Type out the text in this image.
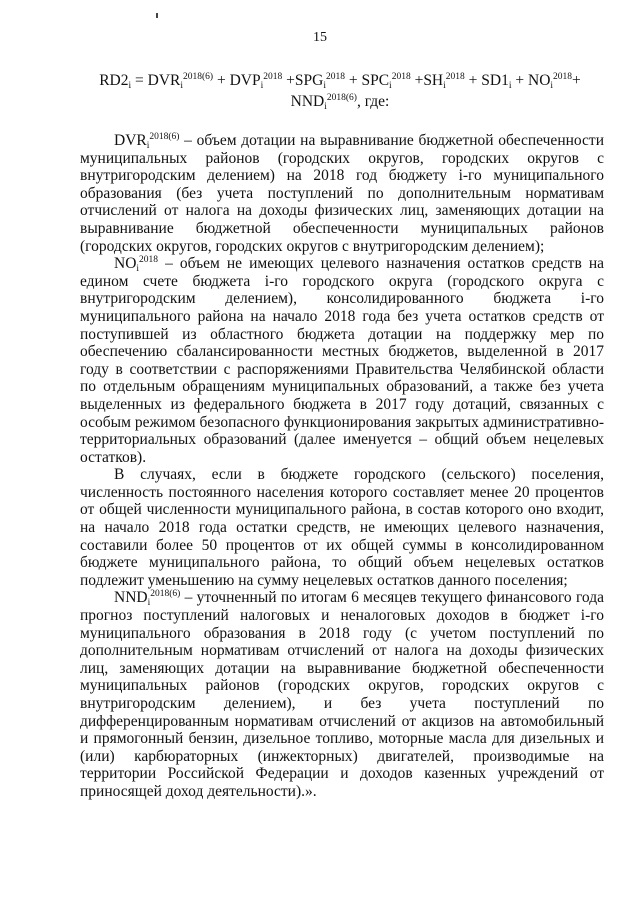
15
$RD2_i = DVR_i^{2018(6)} + DVP_i^{2018} +SPG_i^{2018} + SPC_i^{2018} +SH_i^{2018} + SD1_i + NO_i^{2018}+$
$NND_i^{2018(6)}$, где:

$DVR_i^{2018(6)}$ – объем дотации на выравнивание бюджетной обеспеченности муниципальных районов (городских округов, городских округов с внутригородским делением) на 2018 год бюджету i-го муниципального образования (без учета поступлений по дополнительным нормативам отчислений от налога на доходы физических лиц, заменяющих дотации на выравнивание бюджетной обеспеченности муниципальных районов (городских округов, городских округов с внутригородским делением);

$NO_i^{2018}$ – объем не имеющих целевого назначения остатков средств на едином счете бюджета i-го городского округа (городского округа с внутригородским делением), консолидированного бюджета i-го муниципального района на начало 2018 года без учета остатков средств от поступившей из областного бюджета дотации на поддержку мер по обеспечению сбалансированности местных бюджетов, выделенной в 2017 году в соответствии с распоряжениями Правительства Челябинской области по отдельным обращениям муниципальных образований, а также без учета выделенных из федерального бюджета в 2017 году дотаций, связанных с особым режимом безопасного функционирования закрытых административно-территориальных образований (далее именуется – общий объем нецелевых остатков).

В случаях, если в бюджете городского (сельского) поселения, численность постоянного населения которого составляет менее 20 процентов от общей численности муниципального района, в состав которого оно входит, на начало 2018 года остатки средств, не имеющих целевого назначения, составили более 50 процентов от их общей суммы в консолидированном бюджете муниципального района, то общий объем нецелевых остатков подлежит уменьшению на сумму нецелевых остатков данного поселения;

$NND_i^{2018(6)}$ – уточненный по итогам 6 месяцев текущего финансового года прогноз поступлений налоговых и неналоговых доходов в бюджет i-го муниципального образования в 2018 году (с учетом поступлений по дополнительным нормативам отчислений от налога на доходы физических лиц, заменяющих дотации на выравнивание бюджетной обеспеченности муниципальных районов (городских округов, городских округов с внутригородским делением), и без учета поступлений по дифференцированным нормативам отчислений от акцизов на автомобильный и прямогонный бензин, дизельное топливо, моторные масла для дизельных и (или) карбюраторных (инжекторных) двигателей, производимые на территории Российской Федерации и доходов казенных учреждений от приносящей доход деятельности).».
